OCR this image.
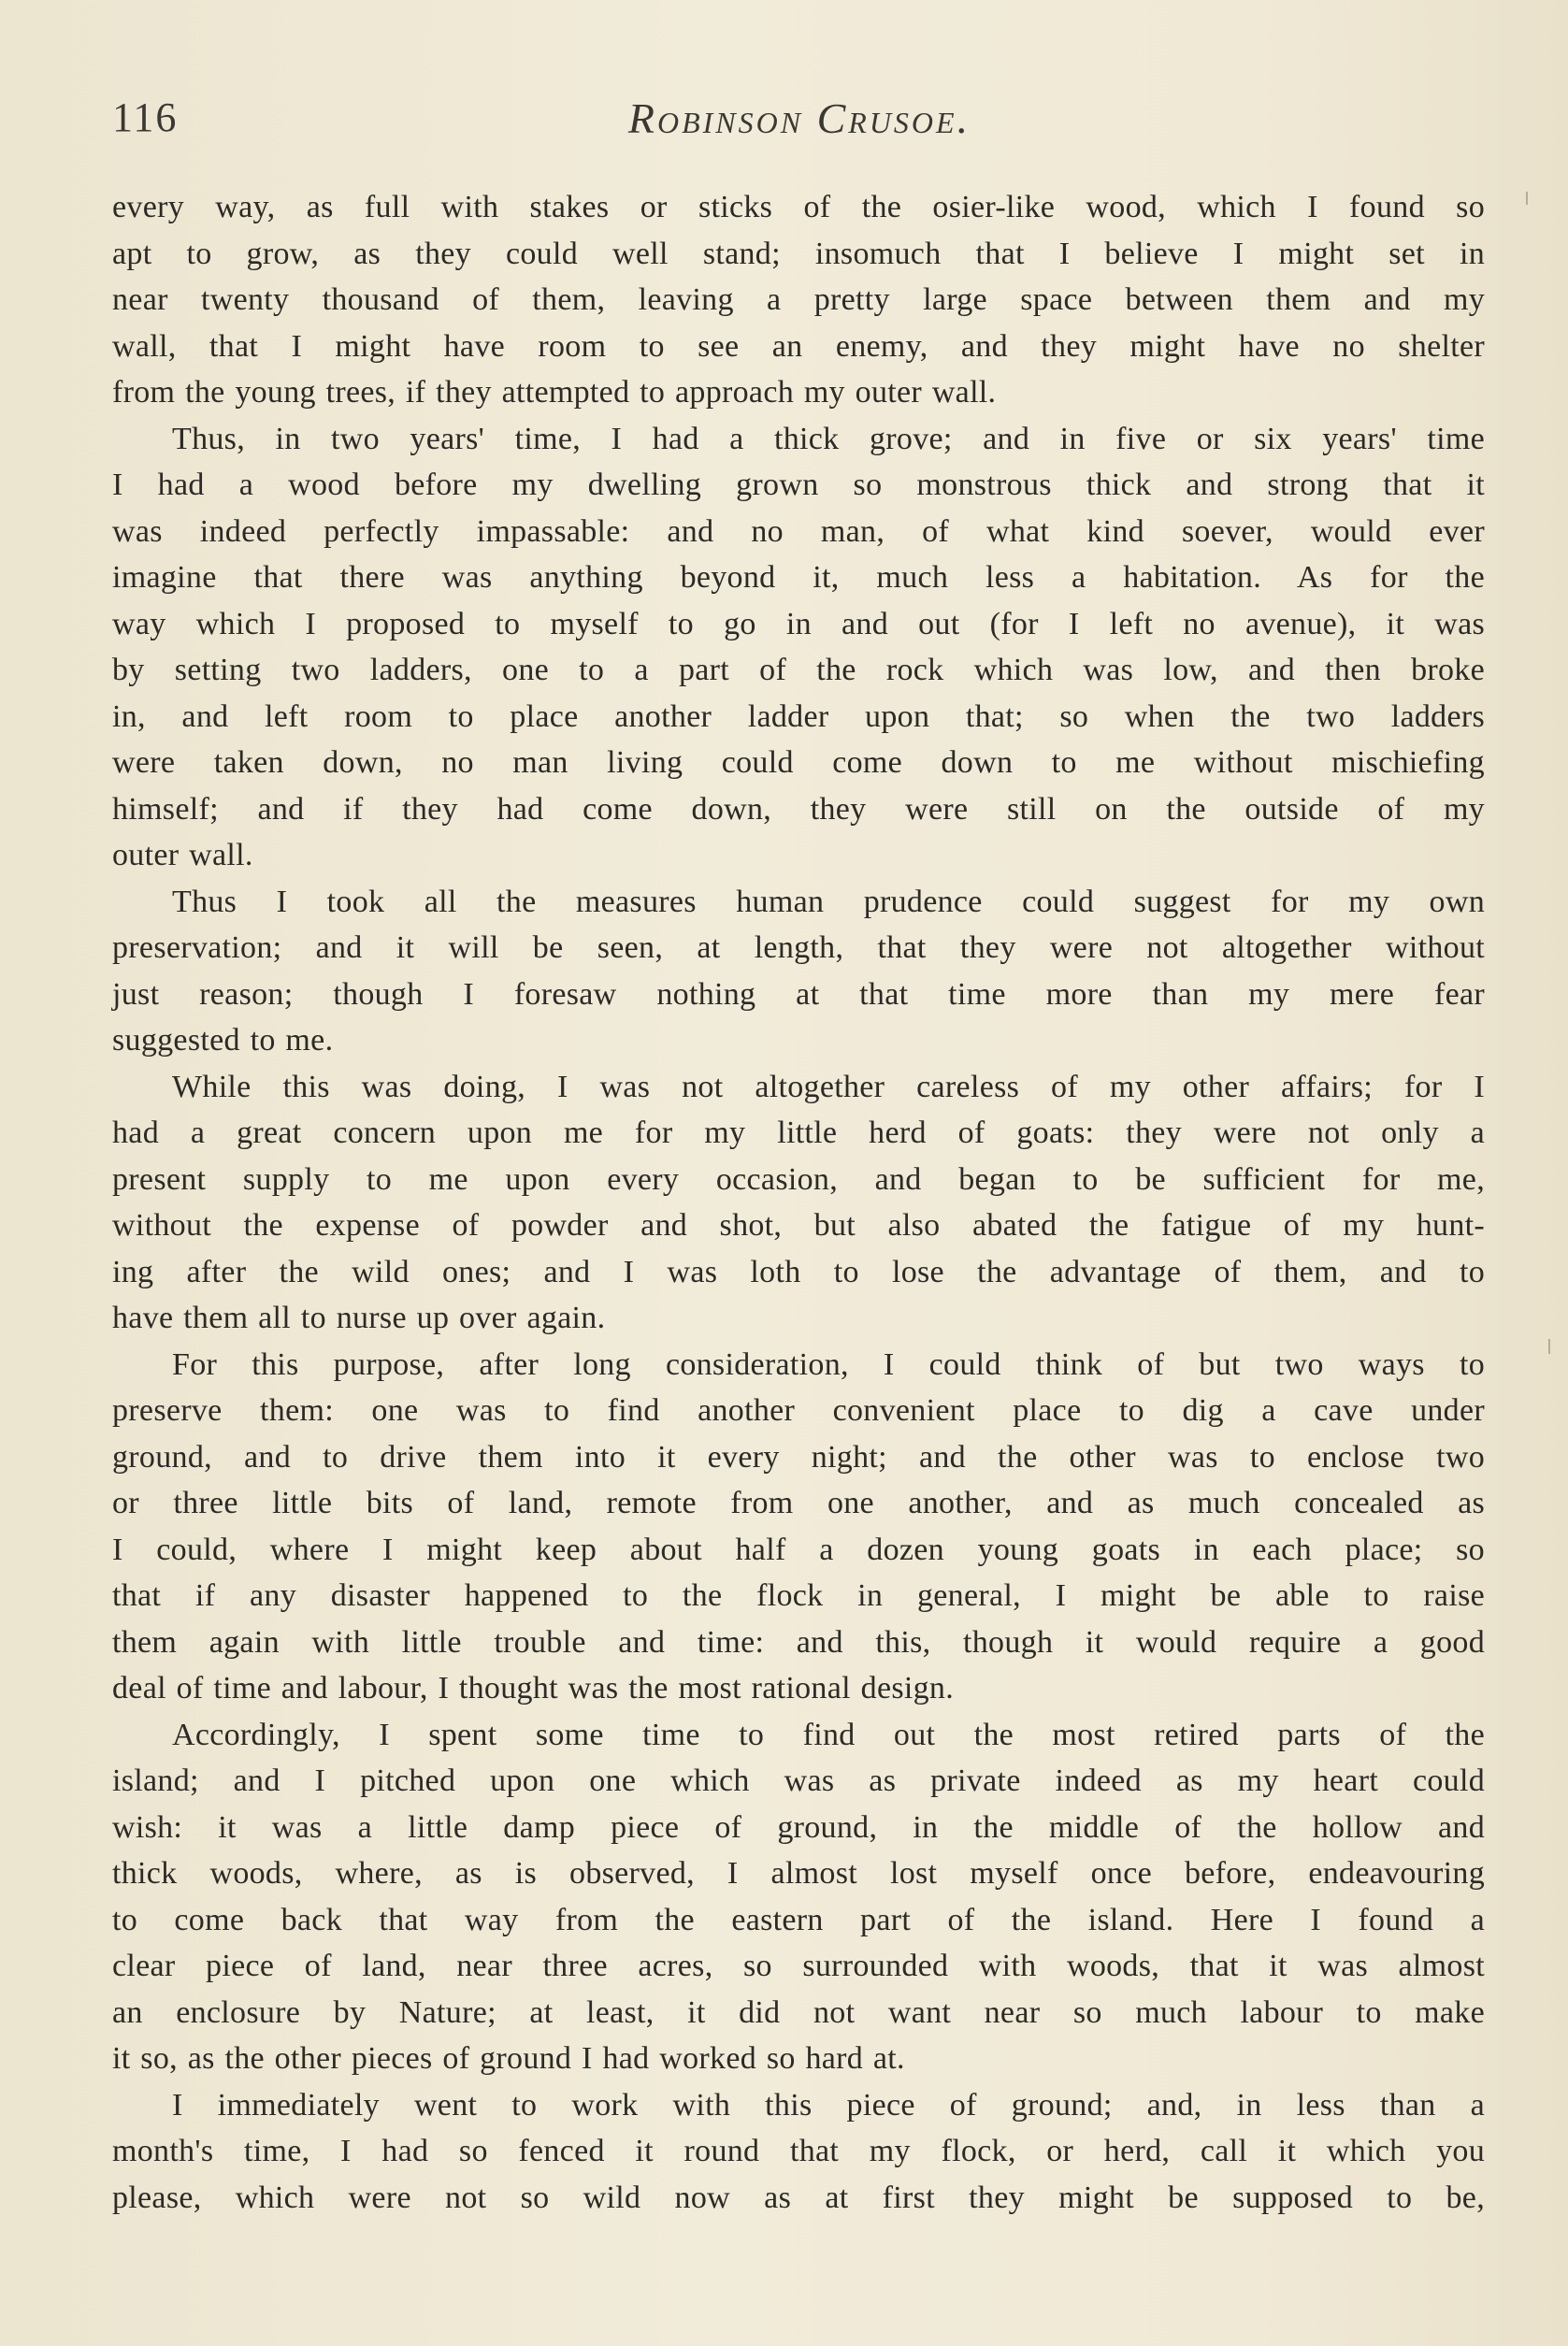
116	Robinson Crusoe.
every way, as full with stakes or sticks of the osier-like wood, which I found so
apt to grow, as they could well stand; insomuch that I believe I might set in
near twenty thousand of them, leaving a pretty large space between them and my
wall, that I might have room to see an enemy, and they might have no shelter
from the young trees, if they attempted to approach my outer wall.
Thus, in two years' time, I had a thick grove; and in five or six years' time
I had a wood before my dwelling grown so monstrous thick and strong that it
was indeed perfectly impassable: and no man, of what kind soever, would ever
imagine that there was anything beyond it, much less a habitation. As for the
way which I proposed to myself to go in and out (for I left no avenue), it was
by setting two ladders, one to a part of the rock which was low, and then broke
in, and left room to place another ladder upon that; so when the two ladders
were taken down, no man living could come down to me without mischiefing
himself; and if they had come down, they were still on the outside of my
outer wall.
Thus I took all the measures human prudence could suggest for my own
preservation; and it will be seen, at length, that they were not altogether without
just reason; though I foresaw nothing at that time more than my mere fear
suggested to me.
While this was doing, I was not altogether careless of my other affairs; for I
had a great concern upon me for my little herd of goats: they were not only a
present supply to me upon every occasion, and began to be sufficient for me,
without the expense of powder and shot, but also abated the fatigue of my hunt-
ing after the wild ones; and I was loth to lose the advantage of them, and to
have them all to nurse up over again.
For this purpose, after long consideration, I could think of but two ways to
preserve them: one was to find another convenient place to dig a cave under
ground, and to drive them into it every night; and the other was to enclose two
or three little bits of land, remote from one another, and as much concealed as
I could, where I might keep about half a dozen young goats in each place; so
that if any disaster happened to the flock in general, I might be able to raise
them again with little trouble and time: and this, though it would require a good
deal of time and labour, I thought was the most rational design.
Accordingly, I spent some time to find out the most retired parts of the
island; and I pitched upon one which was as private indeed as my heart could
wish: it was a little damp piece of ground, in the middle of the hollow and
thick woods, where, as is observed, I almost lost myself once before, endeavouring
to come back that way from the eastern part of the island. Here I found a
clear piece of land, near three acres, so surrounded with woods, that it was almost
an enclosure by Nature; at least, it did not want near so much labour to make
it so, as the other pieces of ground I had worked so hard at.
I immediately went to work with this piece of ground; and, in less than a
month's time, I had so fenced it round that my flock, or herd, call it which you
please, which were not so wild now as at first they might be supposed to be,
